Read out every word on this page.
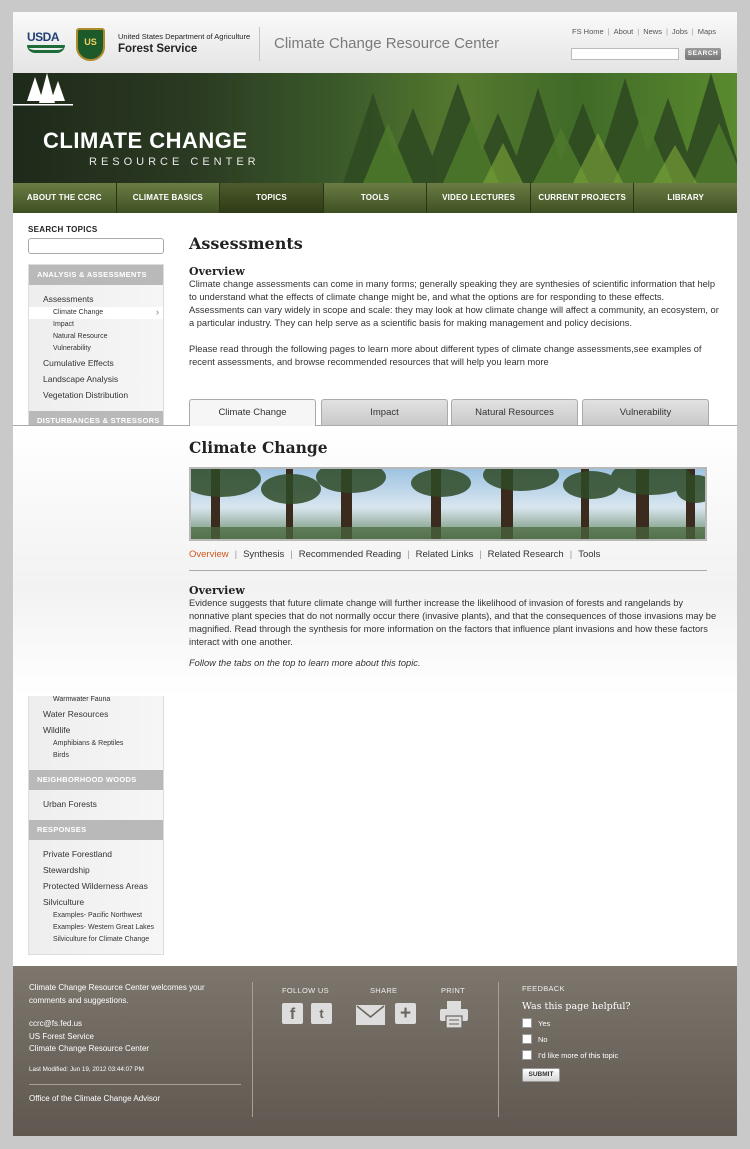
USDA	US
United States Department of Agriculture
Forest Service	Climate Change Resource Center
FS Home | About | News | Jobs | Maps
SEARCH
CLIMATE CHANGE
RESOURCE CENTER
ABOUT THE CCRC	CLIMATE BASICS	TOPICS	TOOLS	VIDEO LECTURES	CURRENT PROJECTS	LIBRARY
SEARCH TOPICS
ANALYSIS & ASSESSMENTS
Assessments
Climate Change	›
Impact
Natural Resource
Vulnerability
Cumulative Effects
Landscape Analysis
Vegetation Distribution
DISTURBANCES & STRESSORS
Warmwater Fauna
Water Resources
Wildlife
Amphibians & Reptiles
Birds
NEIGHBORHOOD WOODS
Urban Forests
RESPONSES
Private Forestland
Stewardship
Protected Wilderness Areas
Silviculture
Examples- Pacific Northwest
Examples- Western Great Lakes
Silviculture for Climate Change
Assessments
Overview
Climate change assessments can come in many forms; generally speaking they are synthesies of scientific information that help to understand what the effects of climate change might be, and what the options are for responding to these effects. Assessments can vary widely in scope and scale: they may look at how climate change will affect a community, an ecosystem, or a particular industry. They can help serve as a scientific basis for making management and policy decisions.
Please read through the following pages to learn more about different types of climate change assessments,see examples of recent assessments, and browse recommended resources that will help you learn more
Climate Change	Impact	Natural Resources	Vulnerability
Climate Change
Overview | Synthesis | Recommended Reading | Related Links | Related Research | Tools
Overview
Evidence suggests that future climate change will further increase the likelihood of invasion of forests and rangelands by nonnative plant species that do not normally occur there (invasive plants), and that the consequences of those invasions may be magnified. Read through the synthesis for more information on the factors that influence plant invasions and how these factors interact with one another.
Follow the tabs on the top to learn more about this topic.
Climate Change Resource Center welcomes your comments and suggestions.
ccrc@fs.fed.us
US Forest Service
Climate Change Resource Center
Last Modified: Jun 19, 2012 03:44:07 PM
Office of the Climate Change Advisor
FOLLOW US
f	t
SHARE
+
PRINT	FEEDBACK
Was this page helpful?
Yes
No
I'd like more of this topic
SUBMIT
